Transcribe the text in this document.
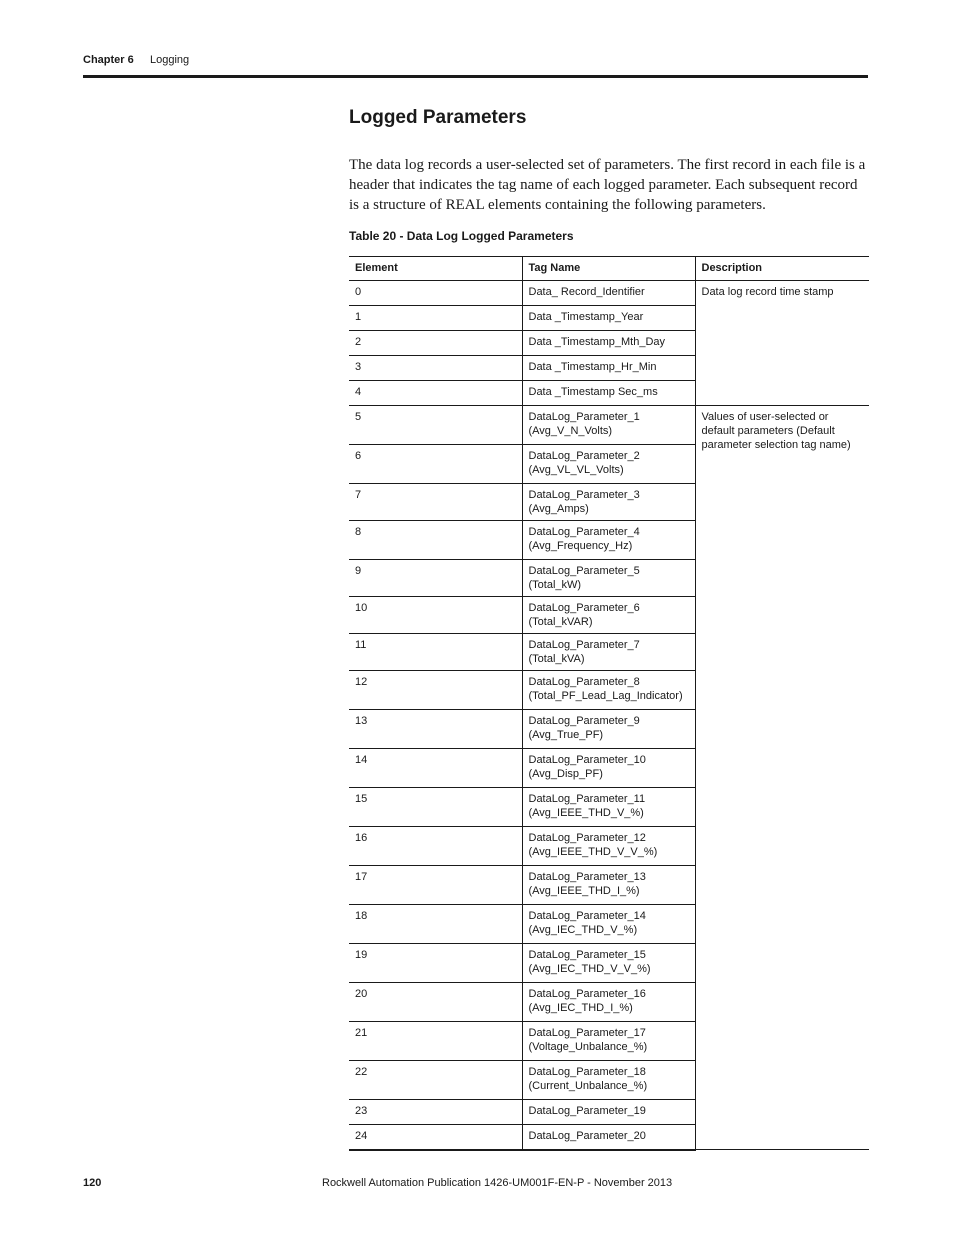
Chapter 6 Logging
Logged Parameters

The data log records a user-selected set of parameters. The first record in each file is a header that indicates the tag name of each logged parameter. Each subsequent record is a structure of REAL elements containing the following parameters.

Table 20 - Data Log Logged Parameters
Element	Tag Name	Description
0	Data_ Record_Identifier	Data log record time stamp
1	Data _Timestamp_Year	
2	Data _Timestamp_Mth_Day	
3	Data _Timestamp_Hr_Min	
4	Data _Timestamp Sec_ms	
5	DataLog_Parameter_1 (Avg_V_N_Volts)	Values of user-selected or default parameters (Default parameter selection tag name)
6	DataLog_Parameter_2 (Avg_VL_VL_Volts)	
7	DataLog_Parameter_3 (Avg_Amps)	
8	DataLog_Parameter_4 (Avg_Frequency_Hz)	
9	DataLog_Parameter_5 (Total_kW)	
10	DataLog_Parameter_6 (Total_kVAR)	
11	DataLog_Parameter_7 (Total_kVA)	
12	DataLog_Parameter_8 (Total_PF_Lead_Lag_Indicator)	
13	DataLog_Parameter_9 (Avg_True_PF)	
14	DataLog_Parameter_10 (Avg_Disp_PF)	
15	DataLog_Parameter_11 (Avg_IEEE_THD_V_%)	
16	DataLog_Parameter_12 (Avg_IEEE_THD_V_V_%)	
17	DataLog_Parameter_13 (Avg_IEEE_THD_I_%)	
18	DataLog_Parameter_14 (Avg_IEC_THD_V_%)	
19	DataLog_Parameter_15 (Avg_IEC_THD_V_V_%)	
20	DataLog_Parameter_16 (Avg_IEC_THD_I_%)	
21	DataLog_Parameter_17 (Voltage_Unbalance_%)	
22	DataLog_Parameter_18 (Current_Unbalance_%)	
23	DataLog_Parameter_19	
24	DataLog_Parameter_20	
120	Rockwell Automation Publication 1426-UM001F-EN-P - November 2013
